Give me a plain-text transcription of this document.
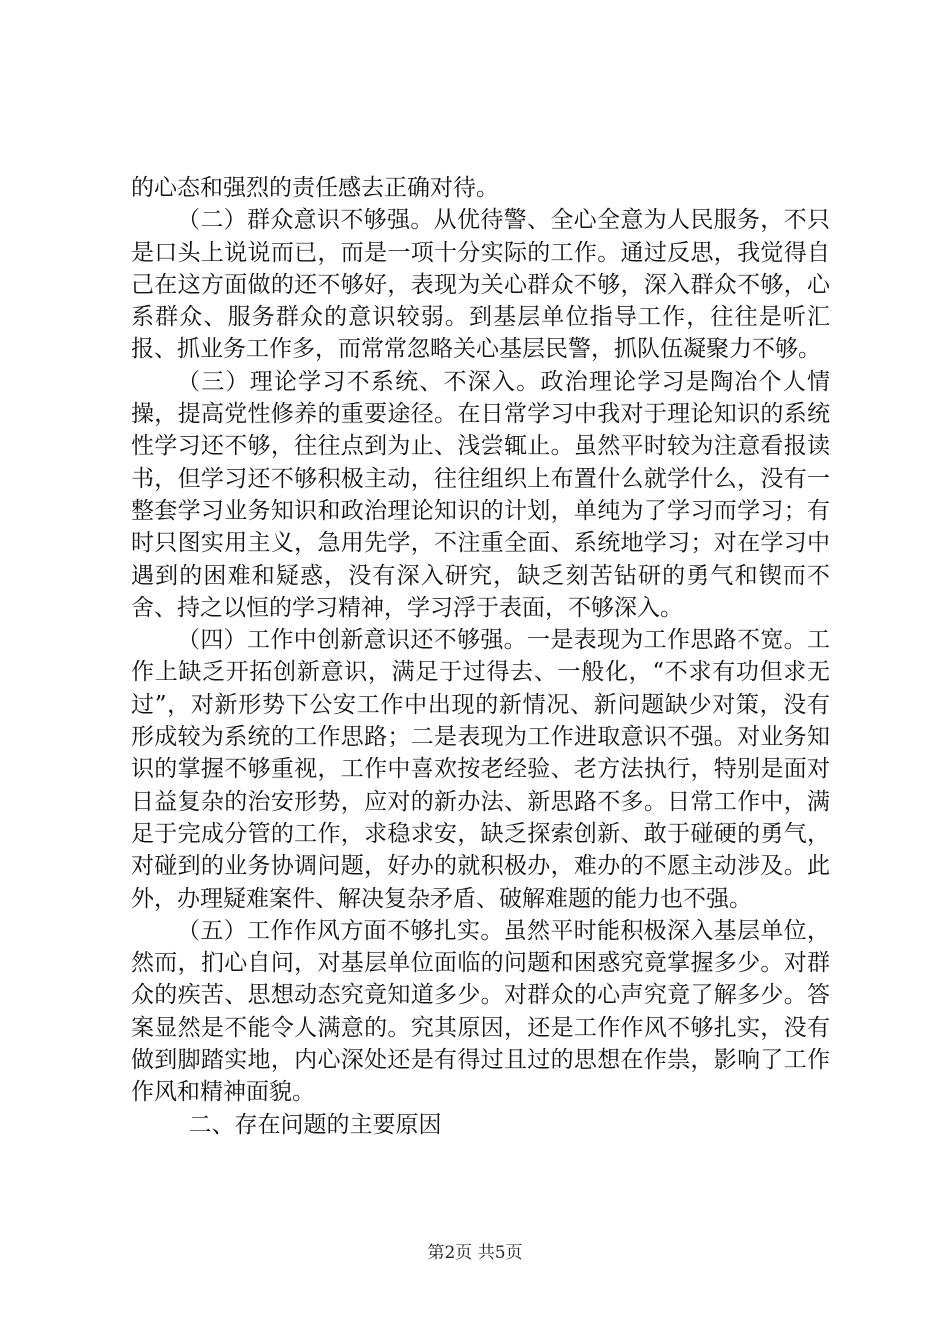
的心态和强烈的责任感去正确对待。

（二）群众意识不够强。从优待警、全心全意为人民服务，不只是口头上说说而已，而是一项十分实际的工作。通过反思，我觉得自己在这方面做的还不够好，表现为关心群众不够，深入群众不够，心系群众、服务群众的意识较弱。到基层单位指导工作，往往是听汇报、抓业务工作多，而常常忽略关心基层民警，抓队伍凝聚力不够。

（三）理论学习不系统、不深入。政治理论学习是陶冶个人情操，提高党性修养的重要途径。在日常学习中我对于理论知识的系统性学习还不够，往往点到为止、浅尝辄止。虽然平时较为注意看报读书，但学习还不够积极主动，往往组织上布置什么就学什么，没有一整套学习业务知识和政治理论知识的计划，单纯为了学习而学习；有时只图实用主义，急用先学，不注重全面、系统地学习；对在学习中遇到的困难和疑惑，没有深入研究，缺乏刻苦钻研的勇气和锲而不舍、持之以恒的学习精神，学习浮于表面，不够深入。

（四）工作中创新意识还不够强。一是表现为工作思路不宽。工作上缺乏开拓创新意识，满足于过得去、一般化，“不求有功但求无过”，对新形势下公安工作中出现的新情况、新问题缺少对策，没有形成较为系统的工作思路；二是表现为工作进取意识不强。对业务知识的掌握不够重视，工作中喜欢按老经验、老方法执行，特别是面对日益复杂的治安形势，应对的新办法、新思路不多。日常工作中，满足于完成分管的工作，求稳求安，缺乏探索创新、敢于碰硬的勇气，对碰到的业务协调问题，好办的就积极办，难办的不愿主动涉及。此外，办理疑难案件、解决复杂矛盾、破解难题的能力也不强。

（五）工作作风方面不够扎实。虽然平时能积极深入基层单位，然而，扪心自问，对基层单位面临的问题和困惑究竟掌握多少。对群众的疾苦、思想动态究竟知道多少。对群众的心声究竟了解多少。答案显然是不能令人满意的。究其原因，还是工作作风不够扎实，没有做到脚踏实地，内心深处还是有得过且过的思想在作祟，影响了工作作风和精神面貌。

二、存在问题的主要原因

第2页 共5页
